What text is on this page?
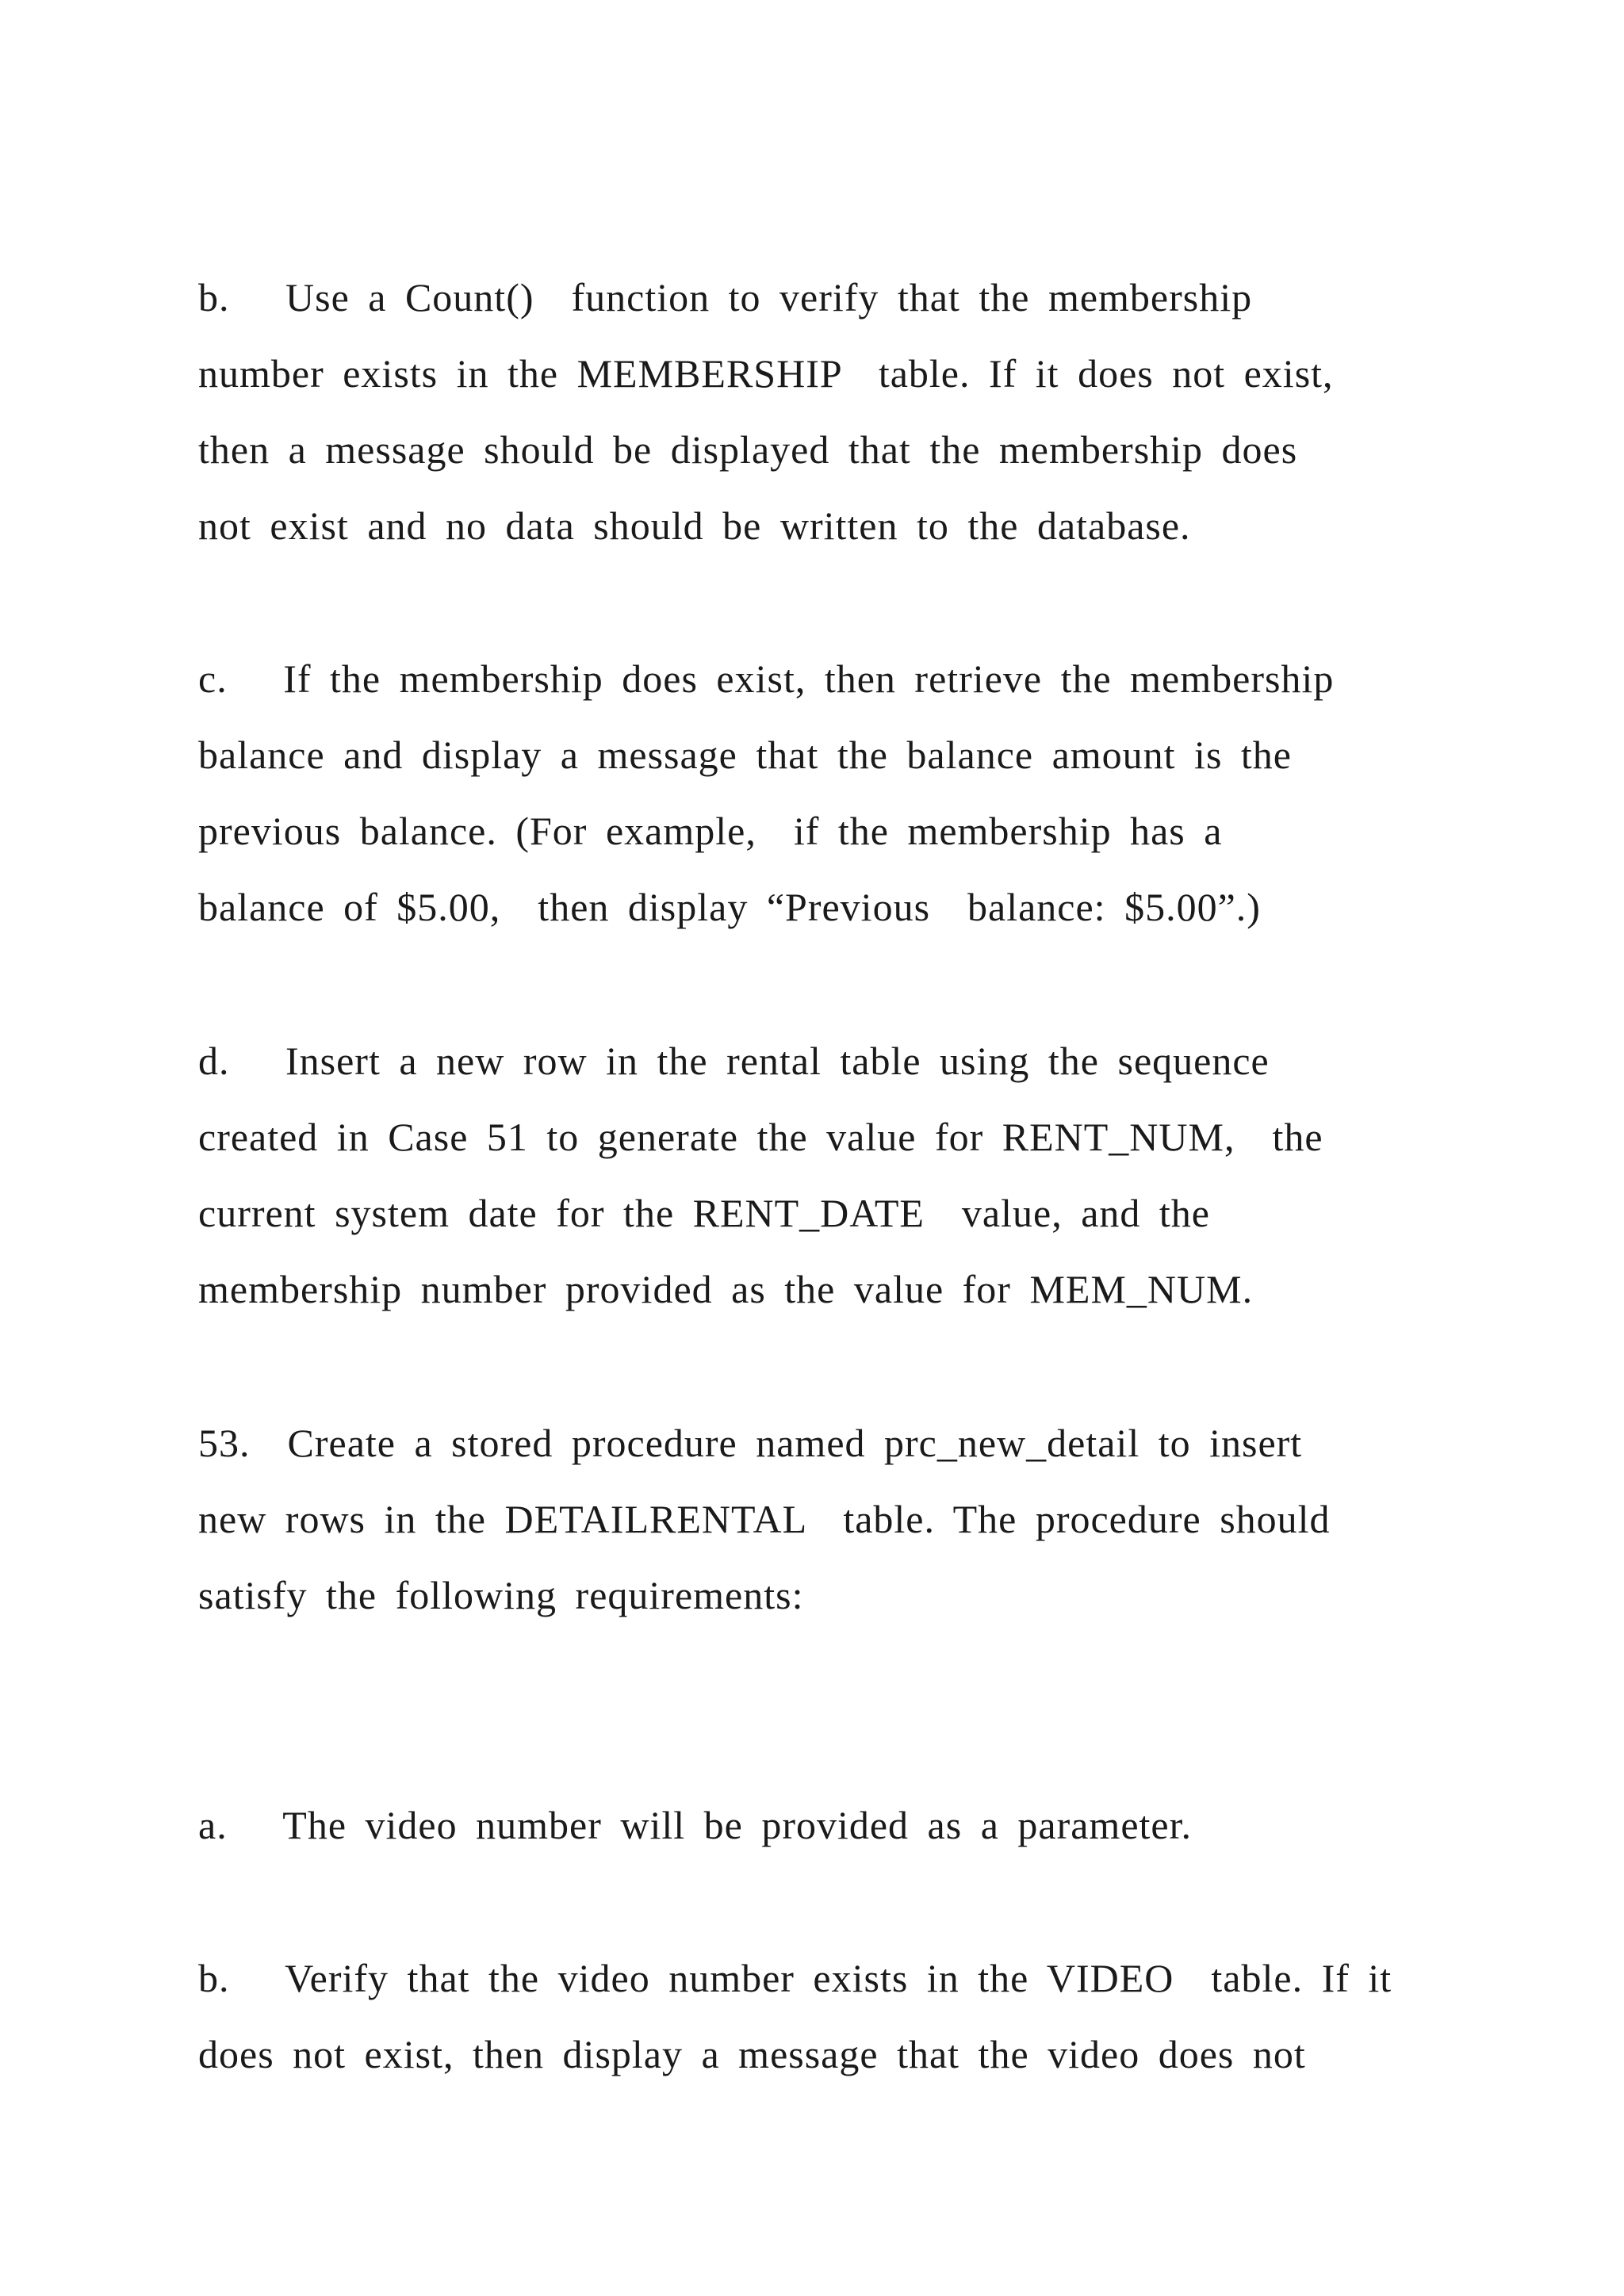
b.   Use a Count()  function to verify that the membership

number exists in the MEMBERSHIP  table. If it does not exist,

then a message should be displayed that the membership does

not exist and no data should be written to the database.

c.   If the membership does exist, then retrieve the membership

balance and display a message that the balance amount is the

previous balance. (For example,  if the membership has a

balance of $5.00,  then display “Previous  balance: $5.00”.)

d.   Insert a new row in the rental table using the sequence

created in Case 51 to generate the value for RENT_NUM,  the

current system date for the RENT_DATE  value, and the

membership number provided as the value for MEM_NUM.

53.  Create a stored procedure named prc_new_detail to insert

new rows in the DETAILRENTAL  table. The procedure should

satisfy the following requirements:

a.   The video number will be provided as a parameter.

b.   Verify that the video number exists in the VIDEO  table. If it

does not exist, then display a message that the video does not
